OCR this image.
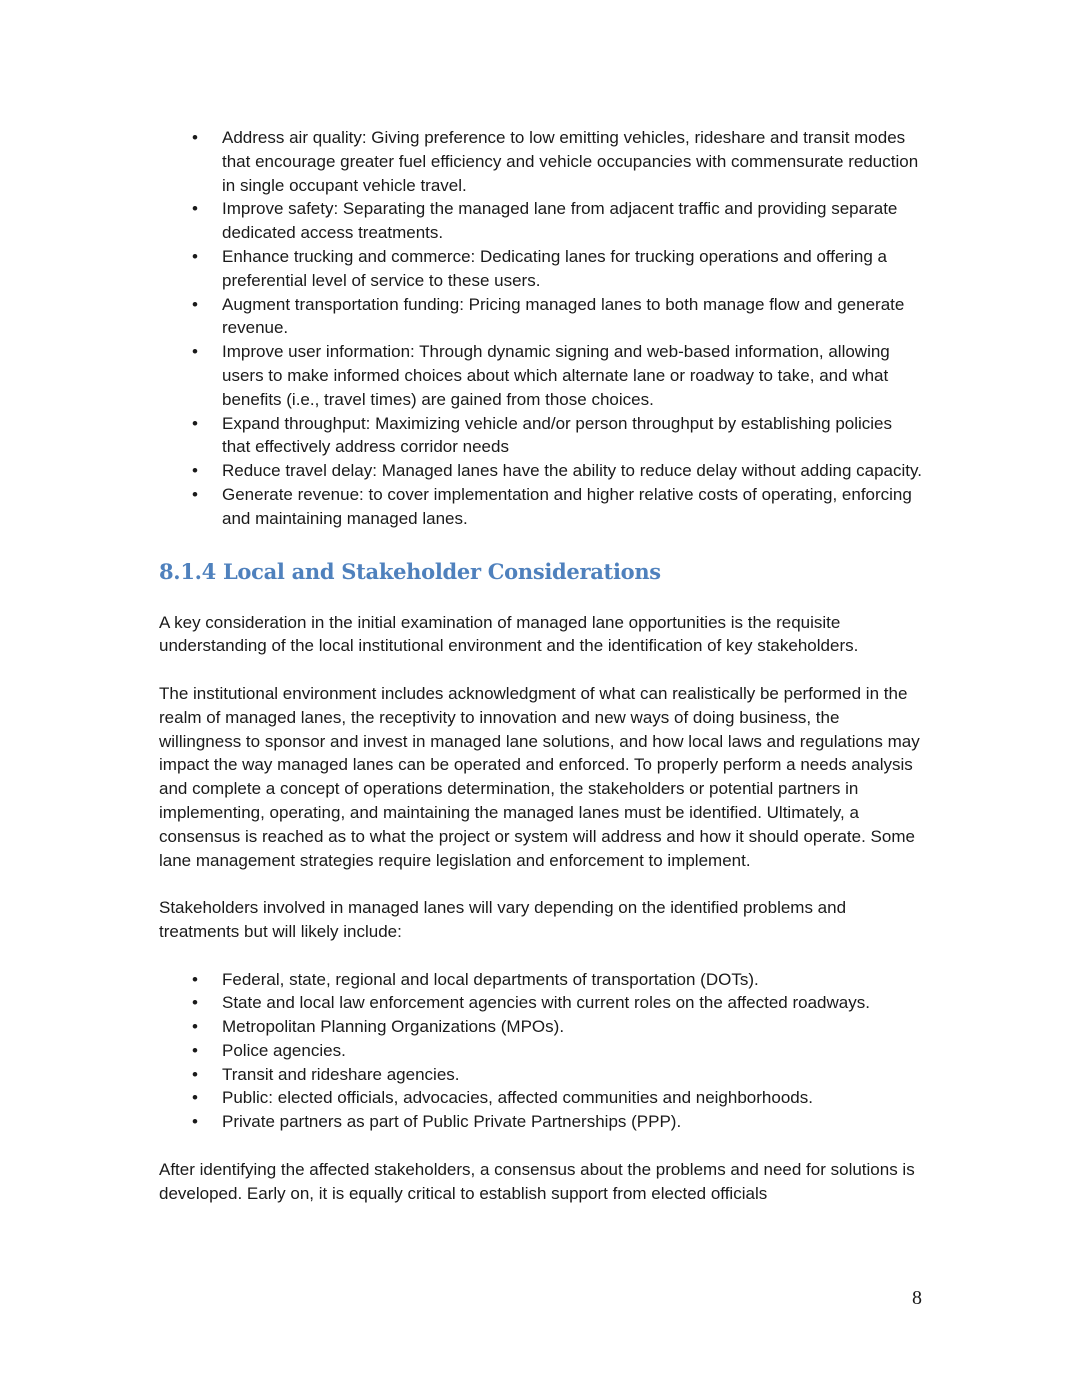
• Address air quality: Giving preference to low emitting vehicles, rideshare and transit modes that encourage greater fuel efficiency and vehicle occupancies with commensurate reduction in single occupant vehicle travel.
• Improve safety: Separating the managed lane from adjacent traffic and providing separate dedicated access treatments.
• Enhance trucking and commerce: Dedicating lanes for trucking operations and offering a preferential level of service to these users.
• Augment transportation funding: Pricing managed lanes to both manage flow and generate revenue.
• Improve user information: Through dynamic signing and web-based information, allowing users to make informed choices about which alternate lane or roadway to take, and what benefits (i.e., travel times) are gained from those choices.
• Expand throughput: Maximizing vehicle and/or person throughput by establishing policies that effectively address corridor needs
• Reduce travel delay: Managed lanes have the ability to reduce delay without adding capacity.
• Generate revenue: to cover implementation and higher relative costs of operating, enforcing and maintaining managed lanes.
8.1.4 Local and Stakeholder Considerations

A key consideration in the initial examination of managed lane opportunities is the requisite understanding of the local institutional environment and the identification of key stakeholders.

The institutional environment includes acknowledgment of what can realistically be performed in the realm of managed lanes, the receptivity to innovation and new ways of doing business, the willingness to sponsor and invest in managed lane solutions, and how local laws and regulations may impact the way managed lanes can be operated and enforced. To properly perform a needs analysis and complete a concept of operations determination, the stakeholders or potential partners in implementing, operating, and maintaining the managed lanes must be identified. Ultimately, a consensus is reached as to what the project or system will address and how it should operate. Some lane management strategies require legislation and enforcement to implement.

Stakeholders involved in managed lanes will vary depending on the identified problems and treatments but will likely include:

• Federal, state, regional and local departments of transportation (DOTs).
• State and local law enforcement agencies with current roles on the affected roadways.
• Metropolitan Planning Organizations (MPOs).
• Police agencies.
• Transit and rideshare agencies.
• Public: elected officials, advocacies, affected communities and neighborhoods.
• Private partners as part of Public Private Partnerships (PPP).

After identifying the affected stakeholders, a consensus about the problems and need for solutions is developed. Early on, it is equally critical to establish support from elected officials

8
